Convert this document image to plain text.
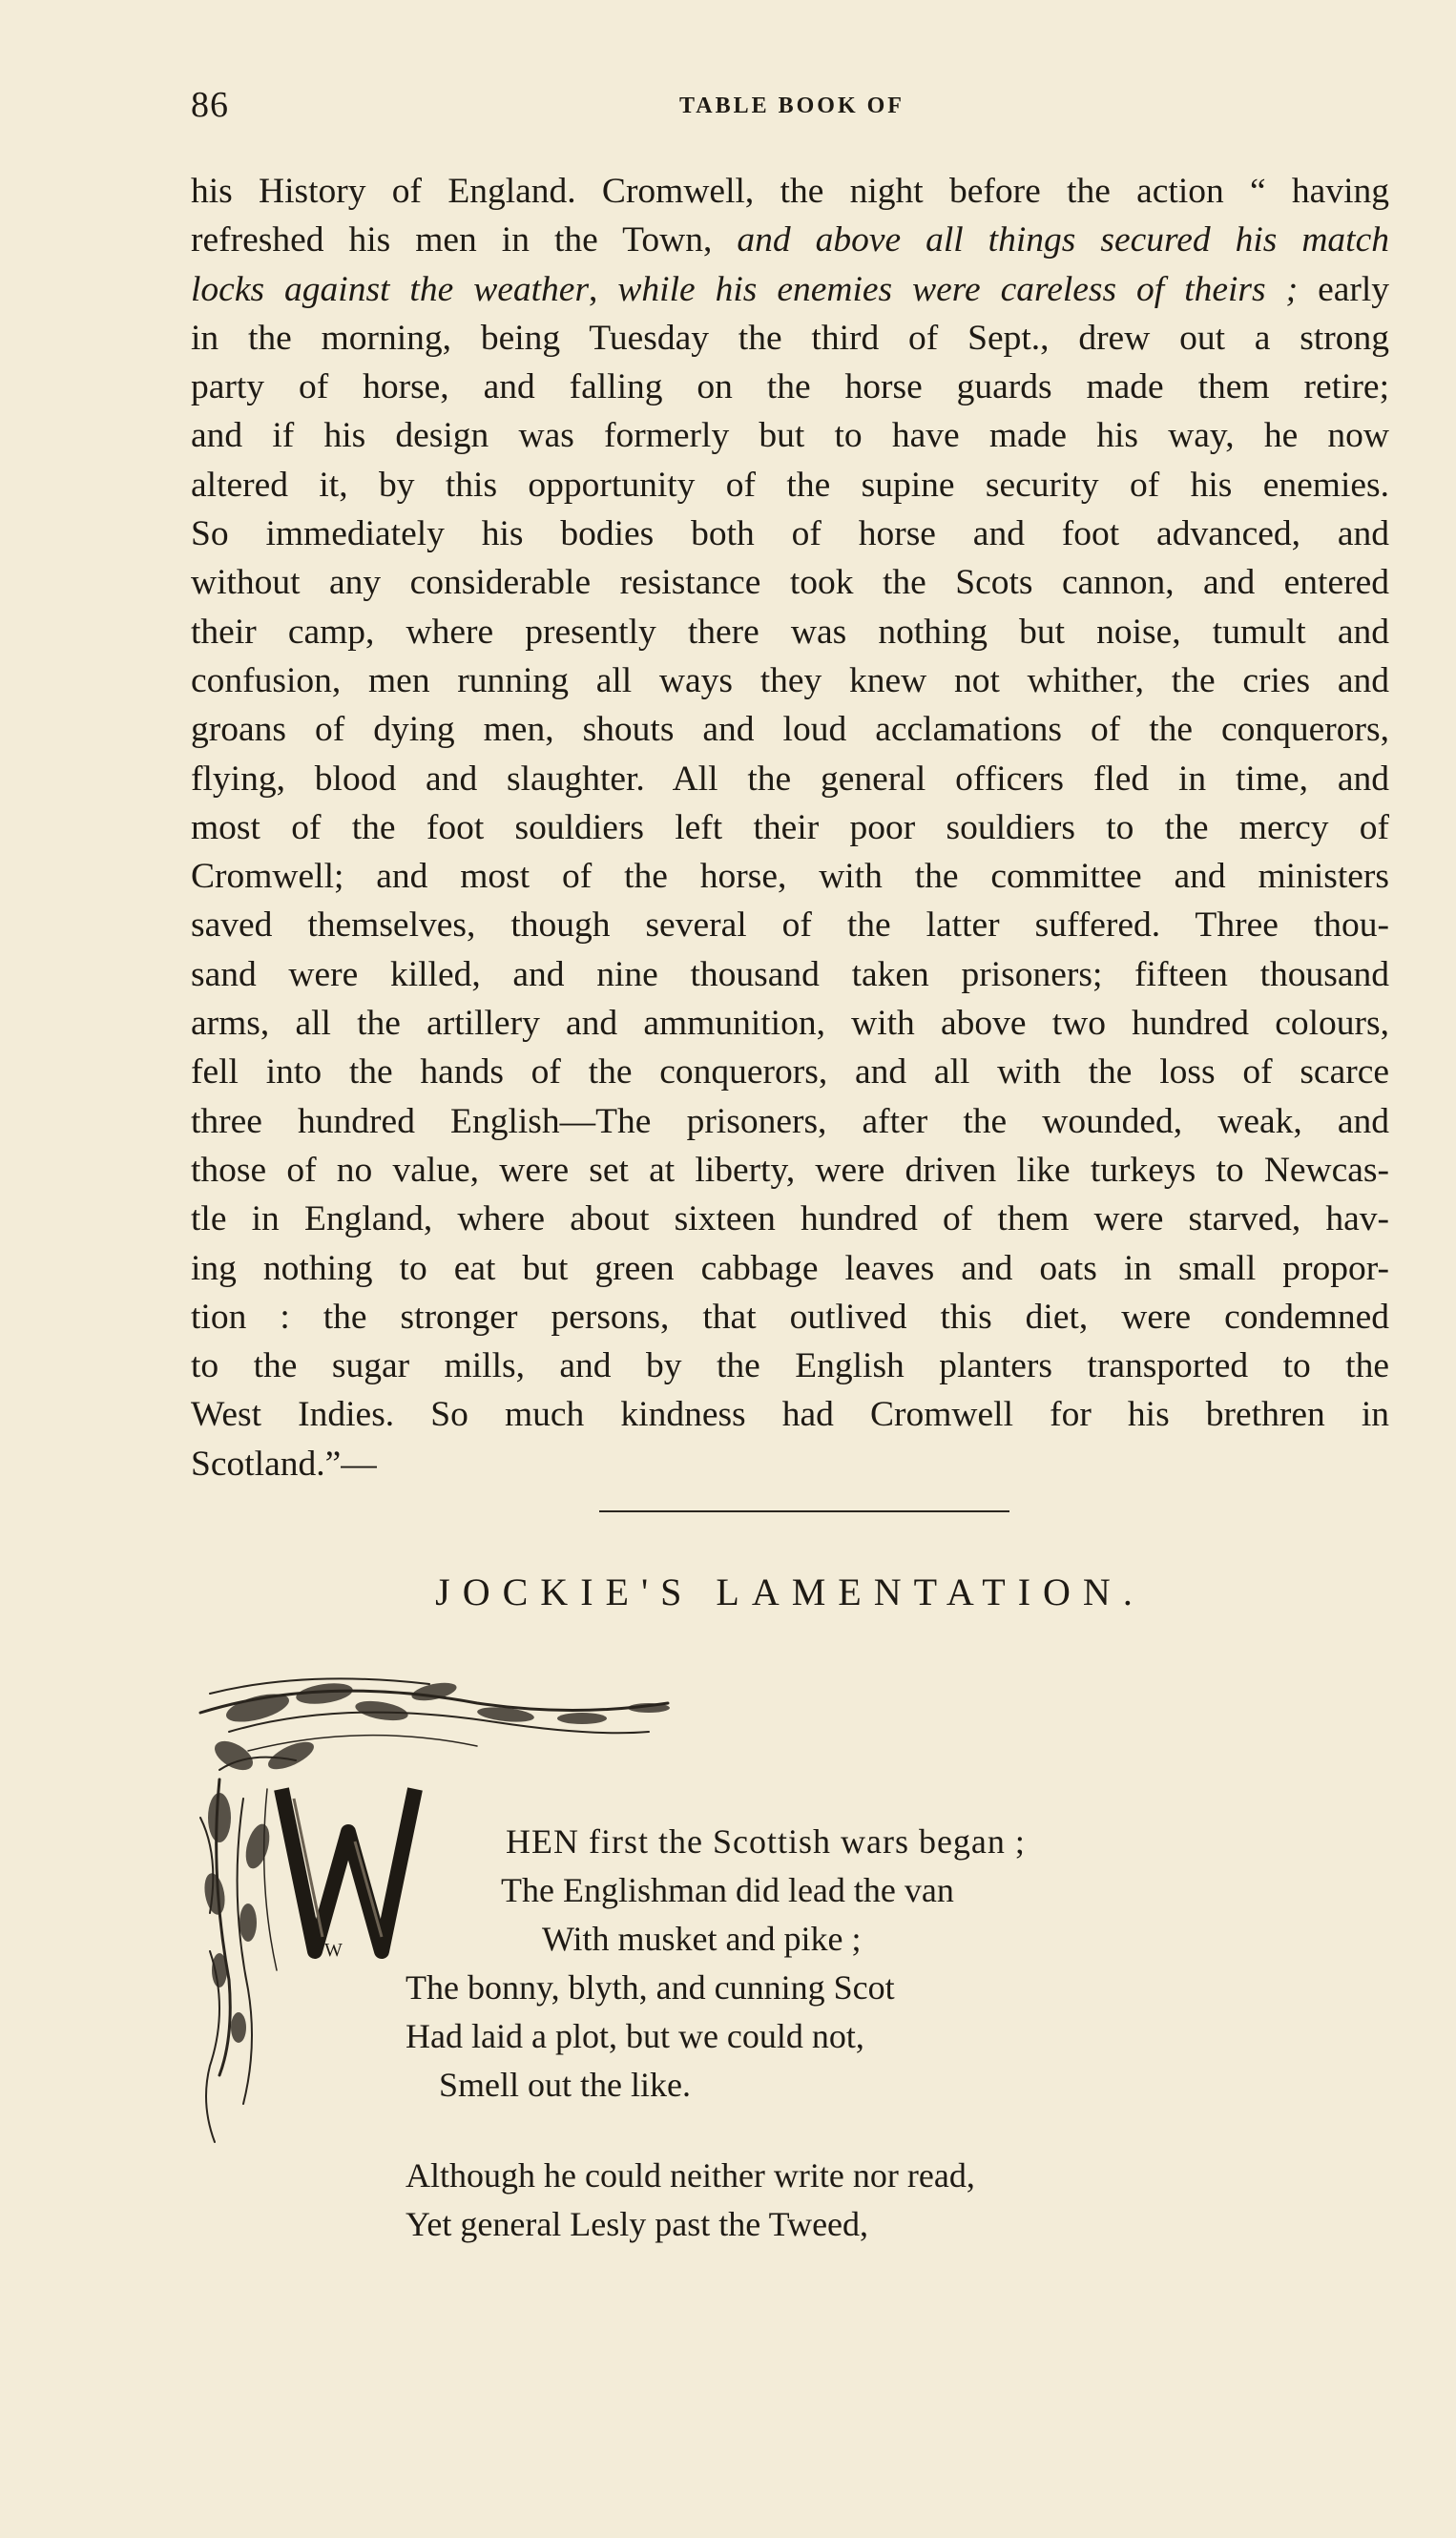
86	TABLE BOOK OF
his History of England. Cromwell, the night before the action “ having
refreshed his men in the Town, and above all things secured his match
locks against the weather, while his enemies were careless of theirs ; early
in the morning, being Tuesday the third of Sept., drew out a strong
party of horse, and falling on the horse guards made them retire;
and if his design was formerly but to have made his way, he now
altered it, by this opportunity of the supine security of his enemies.
So immediately his bodies both of horse and foot advanced, and
without any considerable resistance took the Scots cannon, and entered
their camp, where presently there was nothing but noise, tumult and
confusion, men running all ways they knew not whither, the cries and
groans of dying men, shouts and loud acclamations of the conquerors,
flying, blood and slaughter. All the general officers fled in time, and
most of the foot souldiers left their poor souldiers to the mercy of
Cromwell; and most of the horse, with the committee and ministers
saved themselves, though several of the latter suffered. Three thou-
sand were killed, and nine thousand taken prisoners; fifteen thousand
arms, all the artillery and ammunition, with above two hundred colours,
fell into the hands of the conquerors, and all with the loss of scarce
three hundred English—The prisoners, after the wounded, weak, and
those of no value, were set at liberty, were driven like turkeys to Newcas-
tle in England, where about sixteen hundred of them were starved, hav-
ing nothing to eat but green cabbage leaves and oats in small propor-
tion : the stronger persons, that outlived this diet, were condemned
to the sugar mills, and by the English planters transported to the
West Indies. So much kindness had Cromwell for his brethren in
Scotland.”—
JOCKIE'S LAMENTATION.
W
HEN first the Scottish wars began ;
The Englishman did lead the van
With musket and pike ;
The bonny, blyth, and cunning Scot
Had laid a plot, but we could not,
Smell out the like.
Although he could neither write nor read,
Yet general Lesly past the Tweed,
